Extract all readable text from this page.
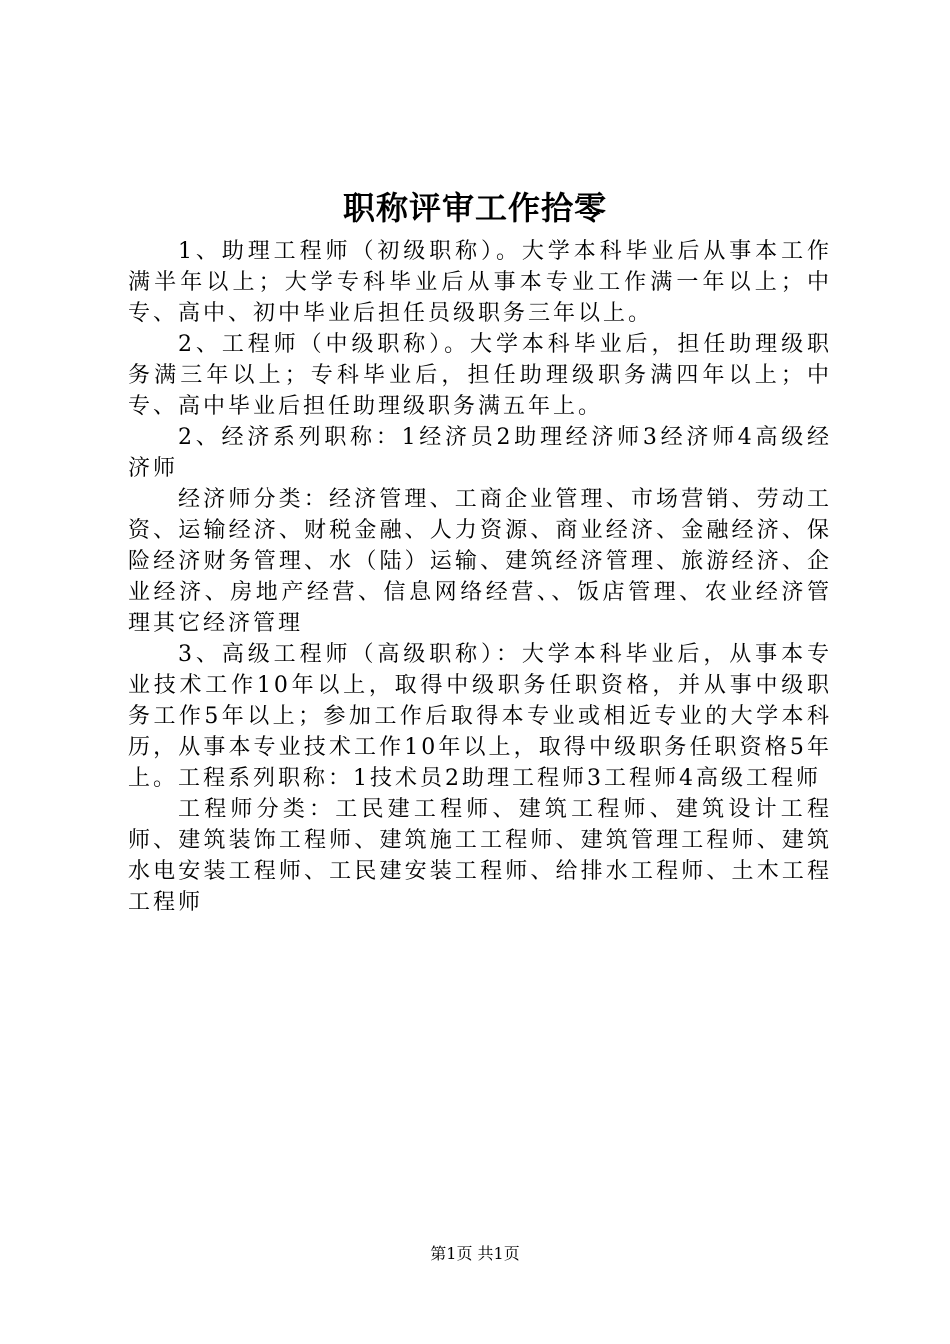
职称评审工作拾零

1、助理工程师（初级职称）。大学本科毕业后从事本工作满半年以上；大学专科毕业后从事本专业工作满一年以上；中专、高中、初中毕业后担任员级职务三年以上。

2、工程师（中级职称）。大学本科毕业后，担任助理级职务满三年以上；专科毕业后，担任助理级职务满四年以上；中专、高中毕业后担任助理级职务满五年上。

2、经济系列职称：1经济员2助理经济师3经济师4高级经济师

经济师分类：经济管理、工商企业管理、市场营销、劳动工资、运输经济、财税金融、人力资源、商业经济、金融经济、保险经济财务管理、水（陆）运输、建筑经济管理、旅游经济、企业经济、房地产经营、信息网络经营、、饭店管理、农业经济管理其它经济管理

3、高级工程师（高级职称）：大学本科毕业后，从事本专业技术工作10年以上，取得中级职务任职资格，并从事中级职务工作5年以上；参加工作后取得本专业或相近专业的大学本科历，从事本专业技术工作10年以上，取得中级职务任职资格5年上。工程系列职称：1技术员2助理工程师3工程师4高级工程师

工程师分类：工民建工程师、建筑工程师、建筑设计工程师、建筑装饰工程师、建筑施工工程师、建筑管理工程师、建筑水电安装工程师、工民建安装工程师、给排水工程师、土木工程工程师

第1页 共1页
